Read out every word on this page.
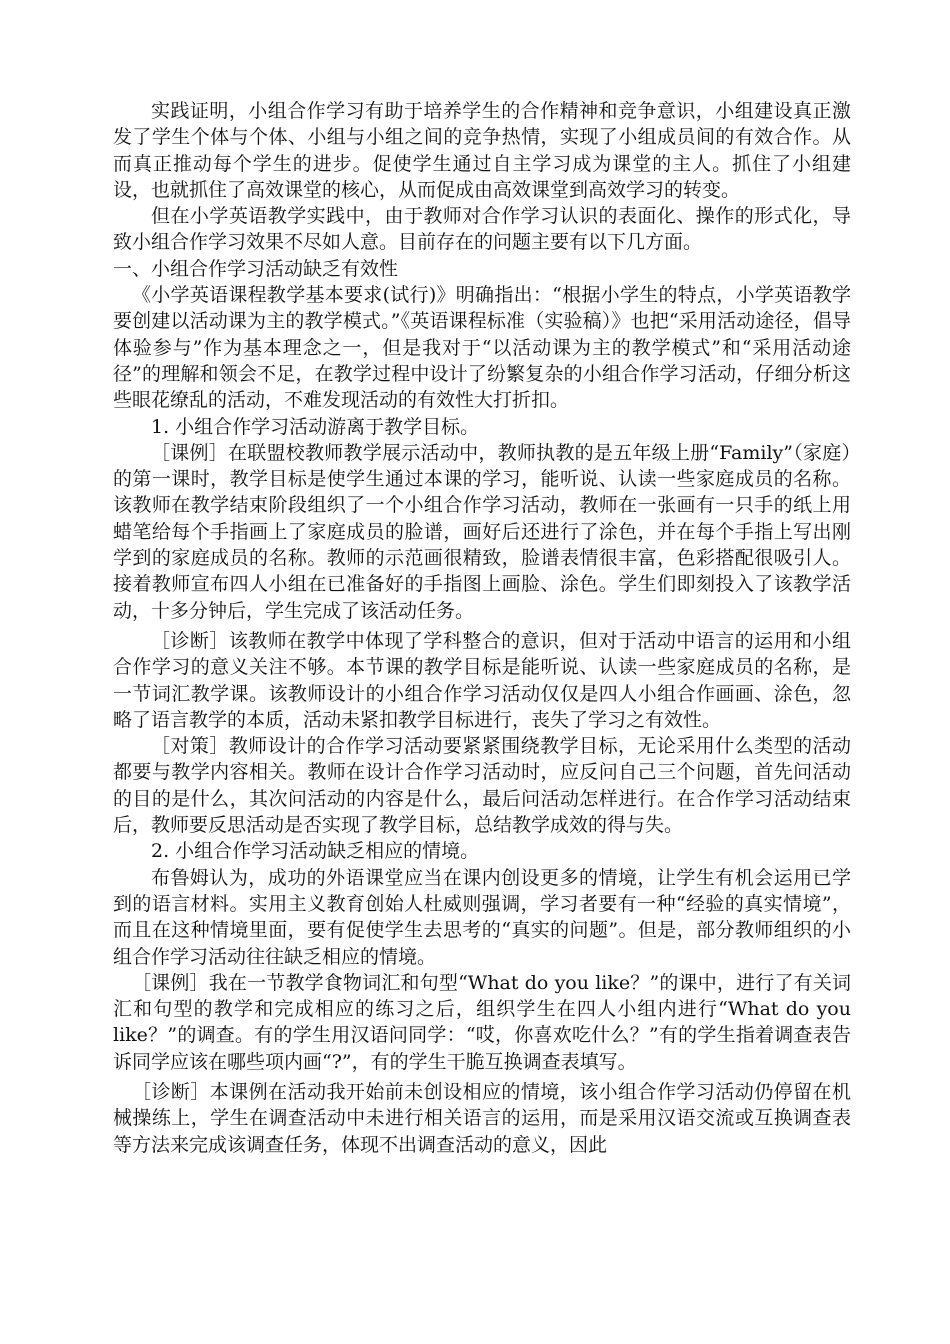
实践证明，小组合作学习有助于培养学生的合作精神和竞争意识，小组建设真正激发了学生个体与个体、小组与小组之间的竞争热情，实现了小组成员间的有效合作。从而真正推动每个学生的进步。促使学生通过自主学习成为课堂的主人。抓住了小组建设，也就抓住了高效课堂的核心，从而促成由高效课堂到高效学习的转变。

但在小学英语教学实践中，由于教师对合作学习认识的表面化、操作的形式化，导致小组合作学习效果不尽如人意。目前存在的问题主要有以下几方面。

一、小组合作学习活动缺乏有效性

《小学英语课程教学基本要求(试行)》明确指出：“根据小学生的特点，小学英语教学要创建以活动课为主的教学模式。”《英语课程标准（实验稿）》也把“采用活动途径，倡导体验参与”作为基本理念之一，但是我对于“以活动课为主的教学模式”和“采用活动途径”的理解和领会不足，在教学过程中设计了纷繁复杂的小组合作学习活动，仔细分析这些眼花缭乱的活动，不难发现活动的有效性大打折扣。

1. 小组合作学习活动游离于教学目标。

［课例］在联盟校教师教学展示活动中，教师执教的是五年级上册“Family”（家庭）的第一课时，教学目标是使学生通过本课的学习，能听说、认读一些家庭成员的名称。该教师在教学结束阶段组织了一个小组合作学习活动，教师在一张画有一只手的纸上用蜡笔给每个手指画上了家庭成员的脸谱，画好后还进行了涂色，并在每个手指上写出刚学到的家庭成员的名称。教师的示范画很精致，脸谱表情很丰富，色彩搭配很吸引人。接着教师宣布四人小组在已准备好的手指图上画脸、涂色。学生们即刻投入了该教学活动，十多分钟后，学生完成了该活动任务。

［诊断］该教师在教学中体现了学科整合的意识，但对于活动中语言的运用和小组合作学习的意义关注不够。本节课的教学目标是能听说、认读一些家庭成员的名称，是一节词汇教学课。该教师设计的小组合作学习活动仅仅是四人小组合作画画、涂色，忽略了语言教学的本质，活动未紧扣教学目标进行，丧失了学习之有效性。

［对策］教师设计的合作学习活动要紧紧围绕教学目标，无论采用什么类型的活动都要与教学内容相关。教师在设计合作学习活动时，应反问自己三个问题，首先问活动的目的是什么，其次问活动的内容是什么，最后问活动怎样进行。在合作学习活动结束后，教师要反思活动是否实现了教学目标，总结教学成效的得与失。

2. 小组合作学习活动缺乏相应的情境。

布鲁姆认为，成功的外语课堂应当在课内创设更多的情境，让学生有机会运用已学到的语言材料。实用主义教育创始人杜威则强调，学习者要有一种“经验的真实情境”，而且在这种情境里面，要有促使学生去思考的“真实的问题”。但是，部分教师组织的小组合作学习活动往往缺乏相应的情境。

［课例］我在一节教学食物词汇和句型“What do you like？”的课中，进行了有关词汇和句型的教学和完成相应的练习之后，组织学生在四人小组内进行“What do you like？”的调查。有的学生用汉语问同学：“哎，你喜欢吃什么？”有的学生指着调查表告诉同学应该在哪些项内画“?”，有的学生干脆互换调查表填写。

［诊断］本课例在活动我开始前未创设相应的情境，该小组合作学习活动仍停留在机械操练上，学生在调查活动中未进行相关语言的运用，而是采用汉语交流或互换调查表等方法来完成该调查任务，体现不出调查活动的意义，因此
